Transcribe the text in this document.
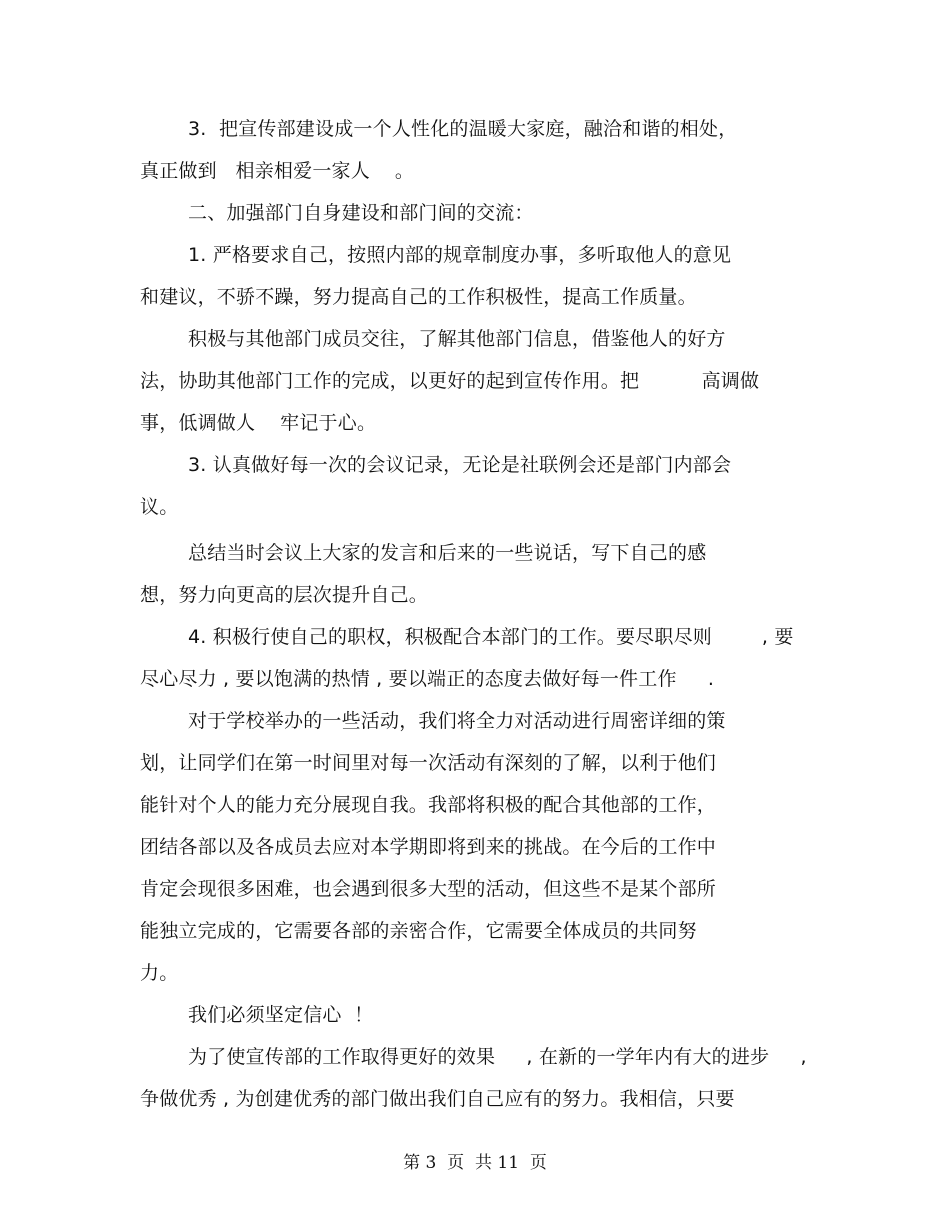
3.  把宣传部建设成一个人性化的温暖大家庭，融洽和谐的相处，
真正做到   相亲相爱一家人    。
二、加强部门自身建设和部门间的交流：
1. 严格要求自己，按照内部的规章制度办事，多听取他人的意见
和建议，不骄不躁，努力提高自己的工作积极性，提高工作质量。
积极与其他部门成员交往，了解其他部门信息，借鉴他人的好方
法，协助其他部门工作的完成，以更好的起到宣传作用。把          高调做
事，低调做人    牢记于心。
3. 认真做好每一次的会议记录，无论是社联例会还是部门内部会
议。
总结当时会议上大家的发言和后来的一些说话，写下自己的感
想，努力向更高的层次提升自己。
4. 积极行使自己的职权，积极配合本部门的工作。要尽职尽则        , 要
尽心尽力 , 要以饱满的热情 , 要以端正的态度去做好每一件工作     .
对于学校举办的一些活动，我们将全力对活动进行周密详细的策
划，让同学们在第一时间里对每一次活动有深刻的了解，以利于他们
能针对个人的能力充分展现自我。我部将积极的配合其他部的工作，
团结各部以及各成员去应对本学期即将到来的挑战。在今后的工作中
肯定会现很多困难，也会遇到很多大型的活动，但这些不是某个部所
能独立完成的，它需要各部的亲密合作，它需要全体成员的共同努
力。
我们必须坚定信心  ！
为了使宣传部的工作取得更好的效果     , 在新的一学年内有大的进步     ,
争做优秀 , 为创建优秀的部门做出我们自己应有的努力。我相信，只要
第 3  页  共 11  页
